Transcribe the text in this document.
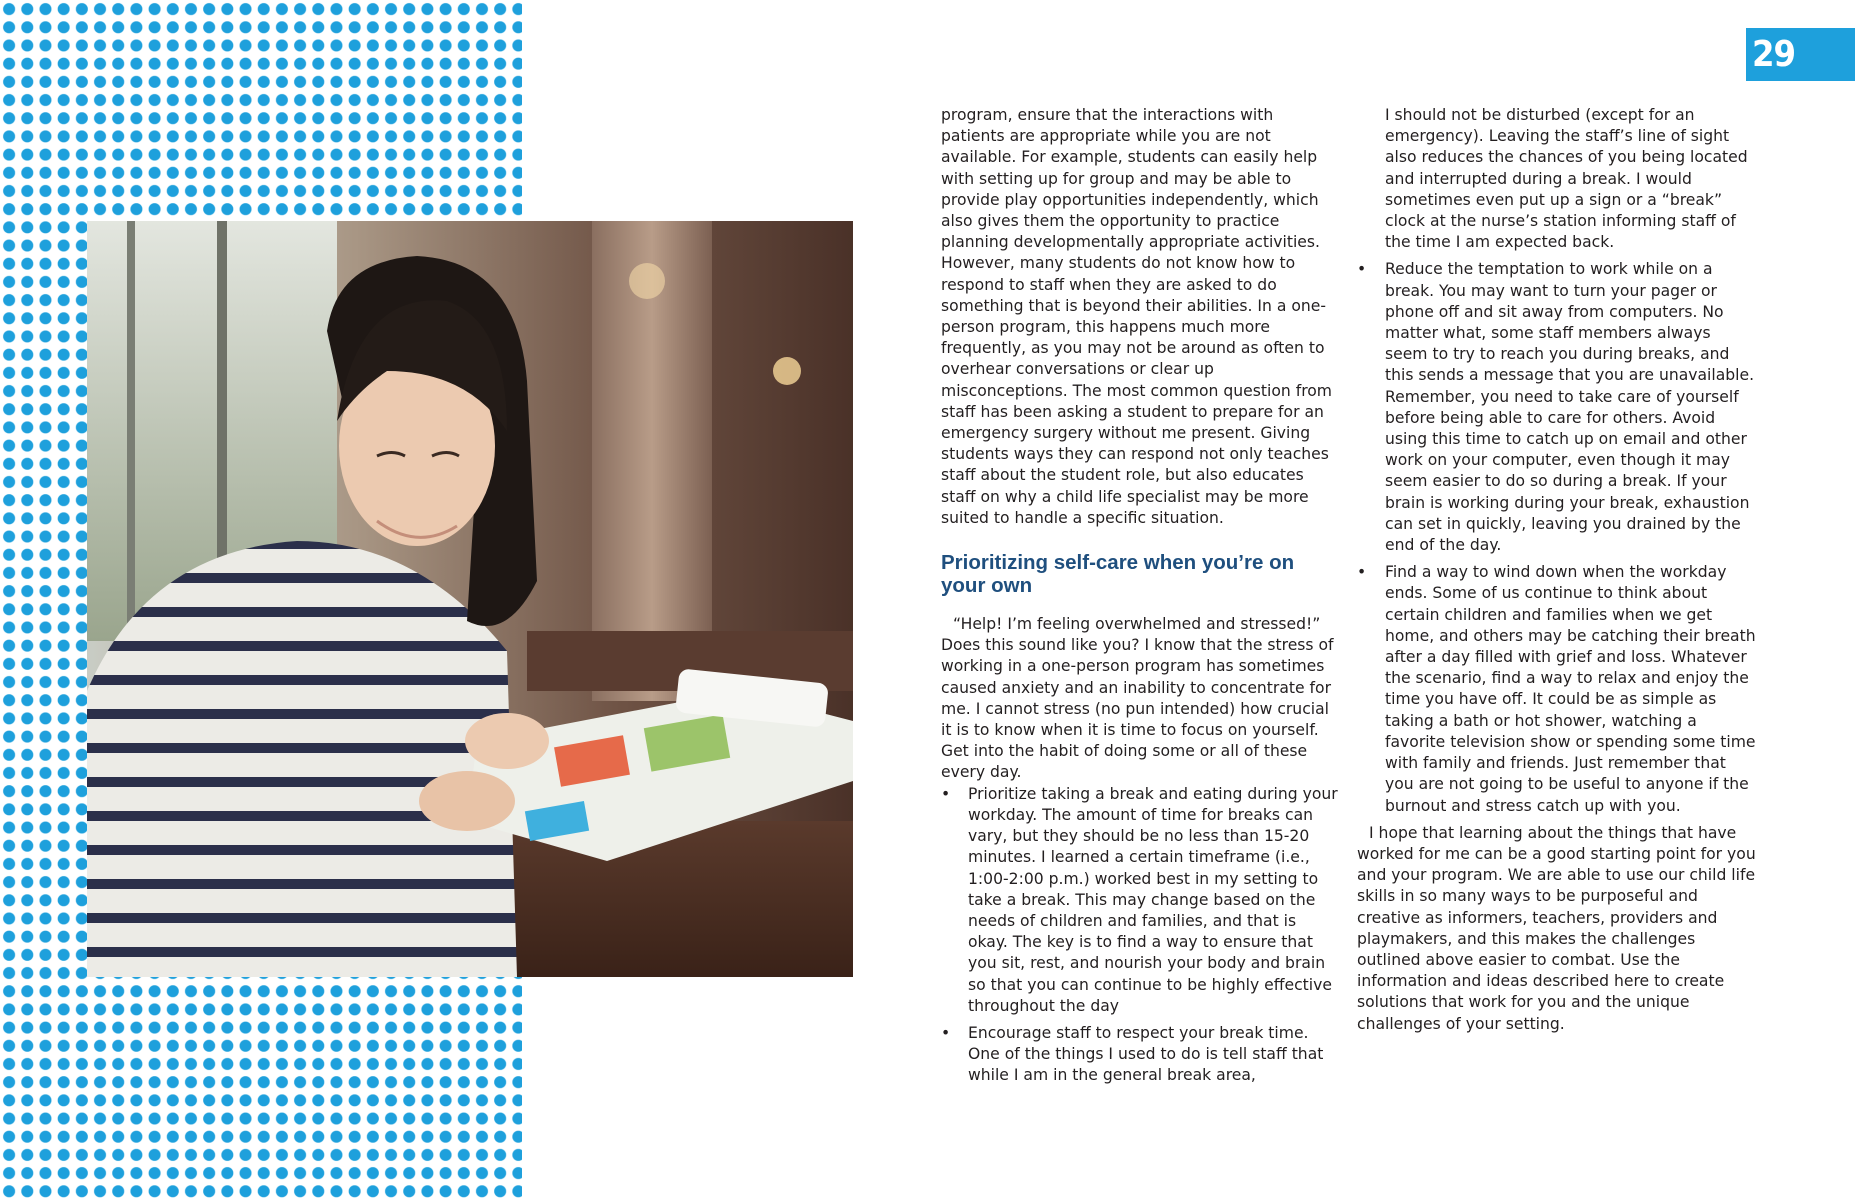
29

program, ensure that the interactions with patients are appropriate while you are not available. For example, students can easily help with setting up for group and may be able to provide play opportunities independently, which also gives them the opportunity to practice planning developmentally appropriate activities. However, many students do not know how to respond to staff when they are asked to do something that is beyond their abilities. In a one-person program, this happens much more frequently, as you may not be around as often to overhear conversations or clear up misconceptions. The most common question from staff has been asking a student to prepare for an emergency surgery without me present. Giving students ways they can respond not only teaches staff about the student role, but also educates staff on why a child life specialist may be more suited to handle a specific situation.

Prioritizing self-care when you’re on your own

“Help! I’m feeling overwhelmed and stressed!” Does this sound like you? I know that the stress of working in a one-person program has sometimes caused anxiety and an inability to concentrate for me. I cannot stress (no pun intended) how crucial it is to know when it is time to focus on yourself. Get into the habit of doing some or all of these every day.

• Prioritize taking a break and eating during your workday. The amount of time for breaks can vary, but they should be no less than 15-20 minutes. I learned a certain timeframe (i.e., 1:00-2:00 p.m.) worked best in my setting to take a break. This may change based on the needs of children and families, and that is okay. The key is to find a way to ensure that you sit, rest, and nourish your body and brain so that you can continue to be highly effective throughout the day
• Encourage staff to respect your break time. One of the things I used to do is tell staff that while I am in the general break area,

I should not be disturbed (except for an emergency). Leaving the staff’s line of sight also reduces the chances of you being located and interrupted during a break. I would sometimes even put up a sign or a “break” clock at the nurse’s station informing staff of the time I am expected back.

• Reduce the temptation to work while on a break. You may want to turn your pager or phone off and sit away from computers. No matter what, some staff members always seem to try to reach you during breaks, and this sends a message that you are unavailable. Remember, you need to take care of yourself before being able to care for others. Avoid using this time to catch up on email and other work on your computer, even though it may seem easier to do so during a break. If your brain is working during your break, exhaustion can set in quickly, leaving you drained by the end of the day.
• Find a way to wind down when the workday ends. Some of us continue to think about certain children and families when we get home, and others may be catching their breath after a day filled with grief and loss. Whatever the scenario, find a way to relax and enjoy the time you have off. It could be as simple as taking a bath or hot shower, watching a favorite television show or spending some time with family and friends. Just remember that you are not going to be useful to anyone if the burnout and stress catch up with you.

I hope that learning about the things that have worked for me can be a good starting point for you and your program. We are able to use our child life skills in so many ways to be purposeful and creative as informers, teachers, providers and playmakers, and this makes the challenges outlined above easier to combat. Use the information and ideas described here to create solutions that work for you and the unique challenges of your setting.
